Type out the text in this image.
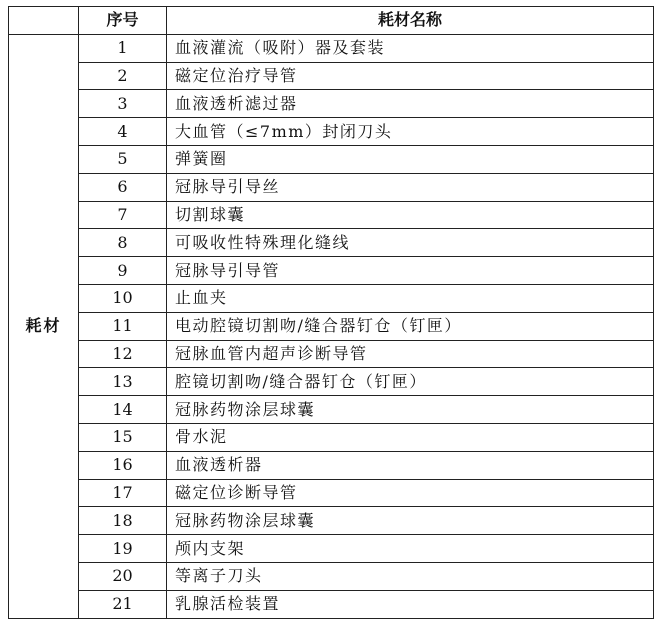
	序号	耗材名称
耗材	1	血液灌流（吸附）器及套装
	2	磁定位治疗导管
	3	血液透析滤过器
	4	大血管（≤7mm）封闭刀头
	5	弹簧圈
	6	冠脉导引导丝
	7	切割球囊
	8	可吸收性特殊理化缝线
	9	冠脉导引导管
	10	止血夹
	11	电动腔镜切割吻/缝合器钉仓（钉匣）
	12	冠脉血管内超声诊断导管
	13	腔镜切割吻/缝合器钉仓（钉匣）
	14	冠脉药物涂层球囊
	15	骨水泥
	16	血液透析器
	17	磁定位诊断导管
	18	冠脉药物涂层球囊
	19	颅内支架
	20	等离子刀头
	21	乳腺活检装置
